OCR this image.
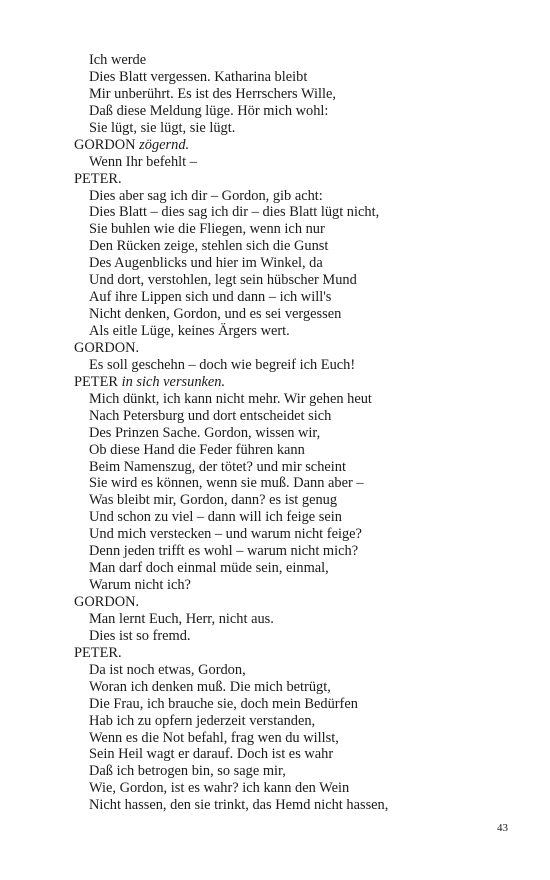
Ich werde
Dies Blatt vergessen. Katharina bleibt
Mir unberührt. Es ist des Herrschers Wille,
Daß diese Meldung lüge. Hör mich wohl:
Sie lügt, sie lügt, sie lügt.
GORDON zögernd.
Wenn Ihr befehlt –
PETER.
Dies aber sag ich dir – Gordon, gib acht:
Dies Blatt – dies sag ich dir – dies Blatt lügt nicht,
Sie buhlen wie die Fliegen, wenn ich nur
Den Rücken zeige, stehlen sich die Gunst
Des Augenblicks und hier im Winkel, da
Und dort, verstohlen, legt sein hübscher Mund
Auf ihre Lippen sich und dann – ich will's
Nicht denken, Gordon, und es sei vergessen
Als eitle Lüge, keines Ärgers wert.
GORDON.
Es soll geschehn – doch wie begreif ich Euch!
PETER in sich versunken.
Mich dünkt, ich kann nicht mehr. Wir gehen heut
Nach Petersburg und dort entscheidet sich
Des Prinzen Sache. Gordon, wissen wir,
Ob diese Hand die Feder führen kann
Beim Namenszug, der tötet? und mir scheint
Sie wird es können, wenn sie muß. Dann aber –
Was bleibt mir, Gordon, dann? es ist genug
Und schon zu viel – dann will ich feige sein
Und mich verstecken – und warum nicht feige?
Denn jeden trifft es wohl – warum nicht mich?
Man darf doch einmal müde sein, einmal,
Warum nicht ich?
GORDON.
Man lernt Euch, Herr, nicht aus.
Dies ist so fremd.
PETER.
Da ist noch etwas, Gordon,
Woran ich denken muß. Die mich betrügt,
Die Frau, ich brauche sie, doch mein Bedürfen
Hab ich zu opfern jederzeit verstanden,
Wenn es die Not befahl, frag wen du willst,
Sein Heil wagt er darauf. Doch ist es wahr
Daß ich betrogen bin, so sage mir,
Wie, Gordon, ist es wahr? ich kann den Wein
Nicht hassen, den sie trinkt, das Hemd nicht hassen,
43
